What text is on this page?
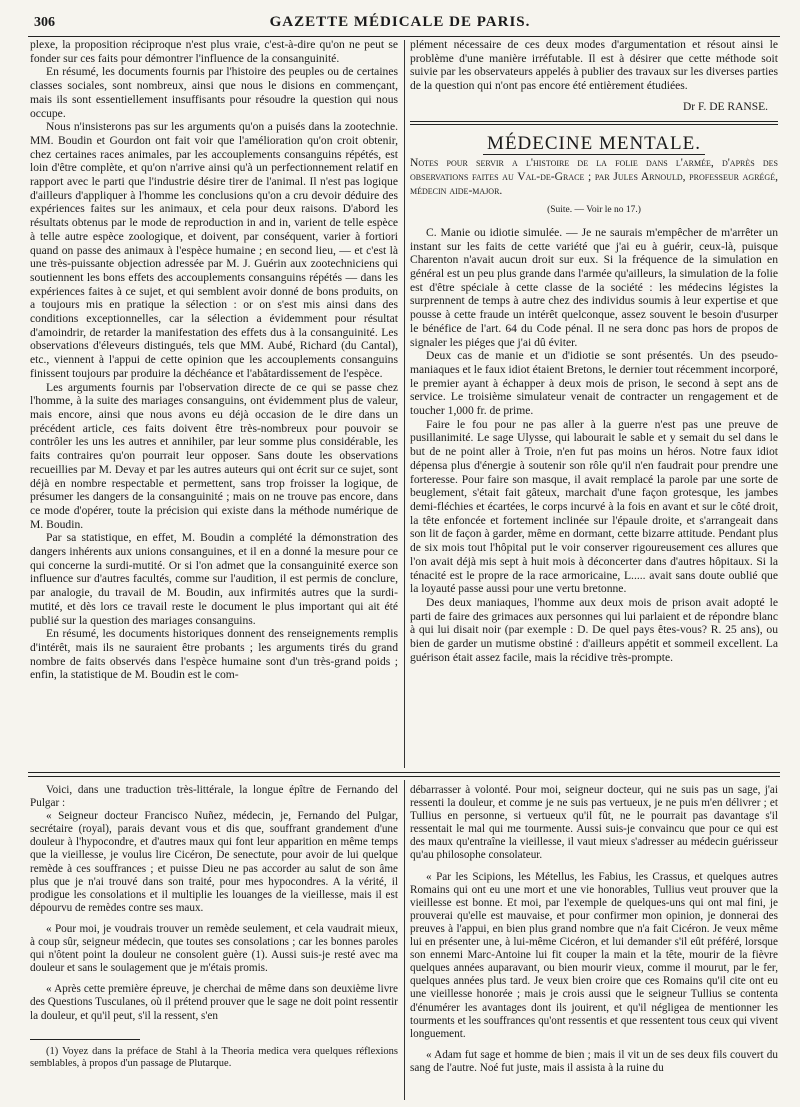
306	GAZETTE MÉDICALE DE PARIS.

plexe, la proposition réciproque n'est plus vraie, c'est-à-dire qu'on ne peut se fonder sur ces faits pour démontrer l'influence de la consanguinité.

En résumé, les documents fournis par l'histoire des peuples ou de certaines classes sociales, sont nombreux, ainsi que nous le disions en commençant, mais ils sont essentiellement insuffisants pour résoudre la question qui nous occupe.

Nous n'insisterons pas sur les arguments qu'on a puisés dans la zootechnie. MM. Boudin et Gourdon ont fait voir que l'amélioration qu'on croit obtenir, chez certaines races animales, par les accouplements consanguins répétés, est loin d'être complète, et qu'on n'arrive ainsi qu'à un perfectionnement relatif en rapport avec le parti que l'industrie désire tirer de l'animal. Il n'est pas logique d'ailleurs d'appliquer à l'homme les conclusions qu'on a cru devoir déduire des expériences faites sur les animaux, et cela pour deux raisons. D'abord les résultats obtenus par le mode de reproduction in and in, varient de telle espèce à telle autre espèce zoologique, et doivent, par conséquent, varier à fortiori quand on passe des animaux à l'espèce humaine ; en second lieu, — et c'est là une très-puissante objection adressée par M. J. Guérin aux zootechniciens qui soutiennent les bons effets des accouplements consanguins répétés — dans les expériences faites à ce sujet, et qui semblent avoir donné de bons produits, on a toujours mis en pratique la sélection : or on s'est mis ainsi dans des conditions exceptionnelles, car la sélection a évidemment pour résultat d'amoindrir, de retarder la manifestation des effets dus à la consanguinité. Les observations d'éleveurs distingués, tels que MM. Aubé, Richard (du Cantal), etc., viennent à l'appui de cette opinion que les accouplements consanguins finissent toujours par produire la déchéance et l'abâtardissement de l'espèce.

Les arguments fournis par l'observation directe de ce qui se passe chez l'homme, à la suite des mariages consanguins, ont évidemment plus de valeur, mais encore, ainsi que nous avons eu déjà occasion de le dire dans un précédent article, ces faits doivent être très-nombreux pour pouvoir se contrôler les uns les autres et annihiler, par leur somme plus considérable, les faits contraires qu'on pourrait leur opposer. Sans doute les observations recueillies par M. Devay et par les autres auteurs qui ont écrit sur ce sujet, sont déjà en nombre respectable et permettent, sans trop froisser la logique, de présumer les dangers de la consanguinité ; mais on ne trouve pas encore, dans ce mode d'opérer, toute la précision qui existe dans la méthode numérique de M. Boudin.

Par sa statistique, en effet, M. Boudin a complété la démonstration des dangers inhérents aux unions consanguines, et il en a donné la mesure pour ce qui concerne la surdi-mutité. Or si l'on admet que la consanguinité exerce son influence sur d'autres facultés, comme sur l'audition, il est permis de conclure, par analogie, du travail de M. Boudin, aux infirmités autres que la surdi-mutité, et dès lors ce travail reste le document le plus important qui ait été publié sur la question des mariages consanguins.

En résumé, les documents historiques donnent des renseignements remplis d'intérêt, mais ils ne sauraient être probants ; les arguments tirés du grand nombre de faits observés dans l'espèce humaine sont d'un très-grand poids ; enfin, la statistique de M. Boudin est le com-

plément nécessaire de ces deux modes d'argumentation et résout ainsi le problème d'une manière irréfutable. Il est à désirer que cette méthode soit suivie par les observateurs appelés à publier des travaux sur les diverses parties de la question qui n'ont pas encore été entièrement étudiées.

Dr F. DE RANSE.

MÉDECINE MENTALE.

Notes pour servir a l'histoire de la folie dans l'armée, d'après des observations faites au Val-de-Grace ; par Jules Arnould, professeur agrégé, médecin aide-major.

(Suite. — Voir le no 17.)

C. Manie ou idiotie simulée. — Je ne saurais m'empêcher de m'arrêter un instant sur les faits de cette variété que j'ai eu à guérir, ceux-là, puisque Charenton n'avait aucun droit sur eux. Si la fréquence de la simulation en général est un peu plus grande dans l'armée qu'ailleurs, la simulation de la folie est d'être spéciale à cette classe de la société : les médecins légistes la surprennent de temps à autre chez des individus soumis à leur expertise et que pousse à cette fraude un intérêt quelconque, assez souvent le besoin d'usurper le bénéfice de l'art. 64 du Code pénal. Il ne sera donc pas hors de propos de signaler les piéges que j'ai dû éviter.

Deux cas de manie et un d'idiotie se sont présentés. Un des pseudo-maniaques et le faux idiot étaient Bretons, le dernier tout récemment incorporé, le premier ayant à échapper à deux mois de prison, le second à sept ans de service. Le troisième simulateur venait de contracter un rengagement et de toucher 1,000 fr. de prime.

Faire le fou pour ne pas aller à la guerre n'est pas une preuve de pusillanimité. Le sage Ulysse, qui labourait le sable et y semait du sel dans le but de ne point aller à Troie, n'en fut pas moins un héros. Notre faux idiot dépensa plus d'énergie à soutenir son rôle qu'il n'en faudrait pour prendre une forteresse. Pour faire son masque, il avait remplacé la parole par une sorte de beuglement, s'était fait gâteux, marchait d'une façon grotesque, les jambes demi-fléchies et écartées, le corps incurvé à la fois en avant et sur le côté droit, la tête enfoncée et fortement inclinée sur l'épaule droite, et s'arrangeait dans son lit de façon à garder, même en dormant, cette bizarre attitude. Pendant plus de six mois tout l'hôpital put le voir conserver rigoureusement ces allures que l'on avait déjà mis sept à huit mois à déconcerter dans d'autres hôpitaux. Si la ténacité est le propre de la race armoricaine, L..... avait sans doute oublié que la loyauté passe aussi pour une vertu bretonne.

Des deux maniaques, l'homme aux deux mois de prison avait adopté le parti de faire des grimaces aux personnes qui lui parlaient et de répondre blanc à qui lui disait noir (par exemple : D. De quel pays êtes-vous? R. 25 ans), ou bien de garder un mutisme obstiné : d'ailleurs appétit et sommeil excellent. La guérison était assez facile, mais la récidive très-prompte.

Voici, dans une traduction très-littérale, la longue épître de Fernando del Pulgar :

« Seigneur docteur Francisco Nuñez, médecin, je, Fernando del Pulgar, secrétaire (royal), parais devant vous et dis que, souffrant grandement d'une douleur à l'hypocondre, et d'autres maux qui font leur apparition en même temps que la vieillesse, je voulus lire Cicéron, De senectute, pour avoir de lui quelque remède à ces souffrances ; et puisse Dieu ne pas accorder au salut de son âme plus que je n'ai trouvé dans son traité, pour mes hypocondres. A la vérité, il prodigue les consolations et il multiplie les louanges de la vieillesse, mais il est dépourvu de remèdes contre ses maux.

« Pour moi, je voudrais trouver un remède seulement, et cela vaudrait mieux, à coup sûr, seigneur médecin, que toutes ses consolations ; car les bonnes paroles qui n'ôtent point la douleur ne consolent guère (1). Aussi suis-je resté avec ma douleur et sans le soulagement que je m'étais promis.

« Après cette première épreuve, je cherchai de même dans son deuxième livre des Questions Tusculanes, où il prétend prouver que le sage ne doit point ressentir la douleur, et qu'il peut, s'il la ressent, s'en

(1) Voyez dans la préface de Stahl à la Theoria medica vera quelques réflexions semblables, à propos d'un passage de Plutarque.

débarrasser à volonté. Pour moi, seigneur docteur, qui ne suis pas un sage, j'ai ressenti la douleur, et comme je ne suis pas vertueux, je ne puis m'en délivrer ; et Tullius en personne, si vertueux qu'il fût, ne le pourrait pas davantage s'il ressentait le mal qui me tourmente. Aussi suis-je convaincu que pour ce qui est des maux qu'entraîne la vieillesse, il vaut mieux s'adresser au médecin guérisseur qu'au philosophe consolateur.

« Par les Scipions, les Métellus, les Fabius, les Crassus, et quelques autres Romains qui ont eu une mort et une vie honorables, Tullius veut prouver que la vieillesse est bonne. Et moi, par l'exemple de quelques-uns qui ont mal fini, je prouverai qu'elle est mauvaise, et pour confirmer mon opinion, je donnerai des preuves à l'appui, en bien plus grand nombre que n'a fait Cicéron. Je veux même lui en présenter une, à lui-même Cicéron, et lui demander s'il eût préféré, lorsque son ennemi Marc-Antoine lui fit couper la main et la tête, mourir de la fièvre quelques années auparavant, ou bien mourir vieux, comme il mourut, par le fer, quelques années plus tard. Je veux bien croire que ces Romains qu'il cite ont eu une vieillesse honorée ; mais je crois aussi que le seigneur Tullius se contenta d'énumérer les avantages dont ils jouirent, et qu'il négligea de mentionner les tourments et les souffrances qu'ont ressentis et que ressentent tous ceux qui vivent longuement.

« Adam fut sage et homme de bien ; mais il vit un de ses deux fils couvert du sang de l'autre. Noé fut juste, mais il assista à la ruine du
